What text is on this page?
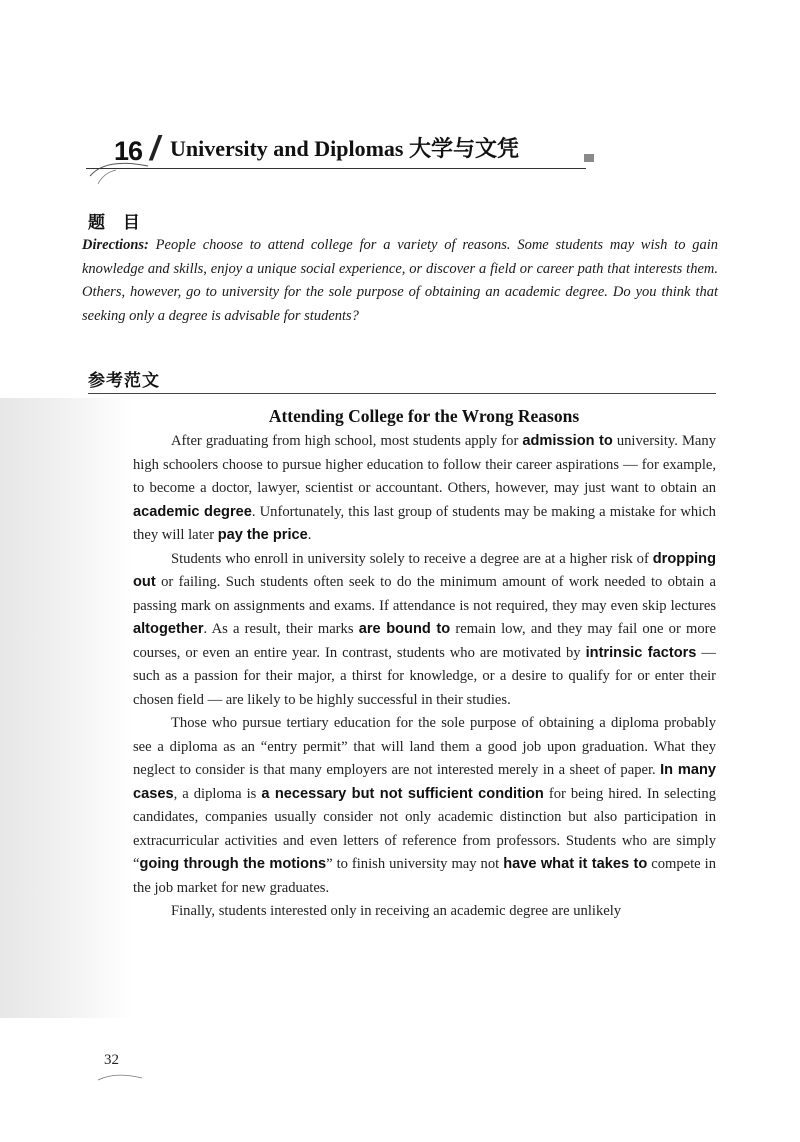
16 / University and Diplomas 大学与文凭
题 目
Directions: People choose to attend college for a variety of reasons. Some students may wish to gain knowledge and skills, enjoy a unique social experience, or discover a field or career path that interests them. Others, however, go to university for the sole purpose of obtaining an academic degree. Do you think that seeking only a degree is advisable for students?
参考范文
Attending College for the Wrong Reasons

After graduating from high school, most students apply for admission to university. Many high schoolers choose to pursue higher education to follow their career aspirations — for example, to become a doctor, lawyer, scientist or accountant. Others, however, may just want to obtain an academic degree. Unfortunately, this last group of students may be making a mistake for which they will later pay the price.

Students who enroll in university solely to receive a degree are at a higher risk of dropping out or failing. Such students often seek to do the minimum amount of work needed to obtain a passing mark on assignments and exams. If attendance is not required, they may even skip lectures altogether. As a result, their marks are bound to remain low, and they may fail one or more courses, or even an entire year. In contrast, students who are motivated by intrinsic factors — such as a passion for their major, a thirst for knowledge, or a desire to qualify for or enter their chosen field — are likely to be highly successful in their studies.

Those who pursue tertiary education for the sole purpose of obtaining a diploma probably see a diploma as an “entry permit” that will land them a good job upon graduation. What they neglect to consider is that many employers are not interested merely in a sheet of paper. In many cases, a diploma is a necessary but not sufficient condition for being hired. In selecting candidates, companies usually consider not only academic distinction but also participation in extracurricular activities and even letters of reference from professors. Students who are simply “going through the motions” to finish university may not have what it takes to compete in the job market for new graduates.

Finally, students interested only in receiving an academic degree are unlikely

32
